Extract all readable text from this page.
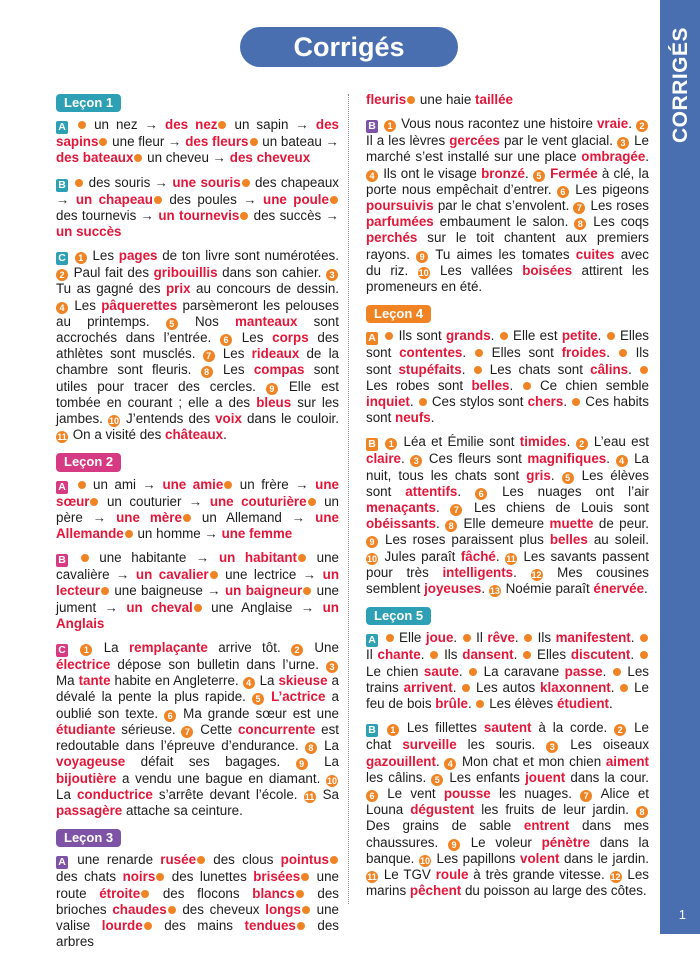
CORRIGÉS
1
Corrigés
Leçon 1
A un nez → des nez un sapin → des sapins une fleur → des fleurs un bateau → des bateaux un cheveu → des cheveux
B des souris → une souris des chapeaux → un chapeau des poules → une poule des tournevis → un tournevis des succès → un succès
C 1 Les pages de ton livre sont numérotées. 2 Paul fait des gribouillis dans son cahier. 3 Tu as gagné des prix au concours de dessin. 4 Les pâquerettes parsèmeront les pelouses au printemps. 5 Nos manteaux sont accrochés dans l’entrée. 6 Les corps des athlètes sont musclés. 7 Les rideaux de la chambre sont fleuris. 8 Les compas sont utiles pour tracer des cercles. 9 Elle est tombée en courant ; elle a des bleus sur les jambes. 10 J’entends des voix dans le couloir. 11 On a visité des châteaux.
Leçon 2
A un ami → une amie un frère → une sœur un couturier → une couturière un père → une mère un Allemand → une Allemande un homme → une femme
B une habitante → un habitant une cavalière → un cavalier une lectrice → un lecteur une baigneuse → un baigneur une jument → un cheval une Anglaise → un Anglais
C 1 La remplaçante arrive tôt. 2 Une électrice dépose son bulletin dans l’urne. 3 Ma tante habite en Angleterre. 4 La skieuse a dévalé la pente la plus rapide. 5 L’actrice a oublié son texte. 6 Ma grande sœur est une étudiante sérieuse. 7 Cette concurrente est redoutable dans l’épreuve d’endurance. 8 La voyageuse défait ses bagages. 9 La bijoutière a vendu une bague en diamant. 10 La conductrice s’arrête devant l’école. 11 Sa passagère attache sa ceinture.
Leçon 3
A une renarde rusée des clous pointus des chats noirs des lunettes brisées une route étroite des flocons blancs des brioches chaudes des cheveux longs une valise lourde des mains tendues des arbres
fleuris une haie taillée
B 1 Vous nous racontez une histoire vraie. 2 Il a les lèvres gercées par le vent glacial. 3 Le marché s’est installé sur une place ombragée. 4 Ils ont le visage bronzé. 5 Fermée à clé, la porte nous empêchait d’entrer. 6 Les pigeons poursuivis par le chat s’envolent. 7 Les roses parfumées embaument le salon. 8 Les coqs perchés sur le toit chantent aux premiers rayons. 9 Tu aimes les tomates cuites avec du riz. 10 Les vallées boisées attirent les promeneurs en été.
Leçon 4
A Ils sont grands.  Elle est petite.  Elles sont contentes.  Elles sont froides.  Ils sont stupéfaits.  Les chats sont câlins.  Les robes sont belles.  Ce chien semble inquiet.  Ces stylos sont chers.  Ces habits sont neufs.
B 1 Léa et Émilie sont timides. 2 L’eau est claire. 3 Ces fleurs sont magnifiques. 4 La nuit, tous les chats sont gris. 5 Les élèves sont attentifs. 6 Les nuages ont l’air menaçants. 7 Les chiens de Louis sont obéissants. 8 Elle demeure muette de peur. 9 Les roses paraissent plus belles au soleil. 10 Jules paraît fâché. 11 Les savants passent pour très intelligents. 12 Mes cousines semblent joyeuses. 13 Noémie paraît énervée.
Leçon 5
A Elle joue.  Il rêve.  Ils manifestent.  Il chante.  Ils dansent.  Elles discutent.  Le chien saute.  La caravane passe.  Les trains arrivent.  Les autos klaxonnent.  Le feu de bois brûle.  Les élèves étudient.
B 1 Les fillettes sautent à la corde. 2 Le chat surveille les souris. 3 Les oiseaux gazouillent. 4 Mon chat et mon chien aiment les câlins. 5 Les enfants jouent dans la cour. 6 Le vent pousse les nuages. 7 Alice et Louna dégustent les fruits de leur jardin. 8 Des grains de sable entrent dans mes chaussures. 9 Le voleur pénètre dans la banque. 10 Les papillons volent dans le jardin. 11 Le TGV roule à très grande vitesse. 12 Les marins pêchent du poisson au large des côtes.
